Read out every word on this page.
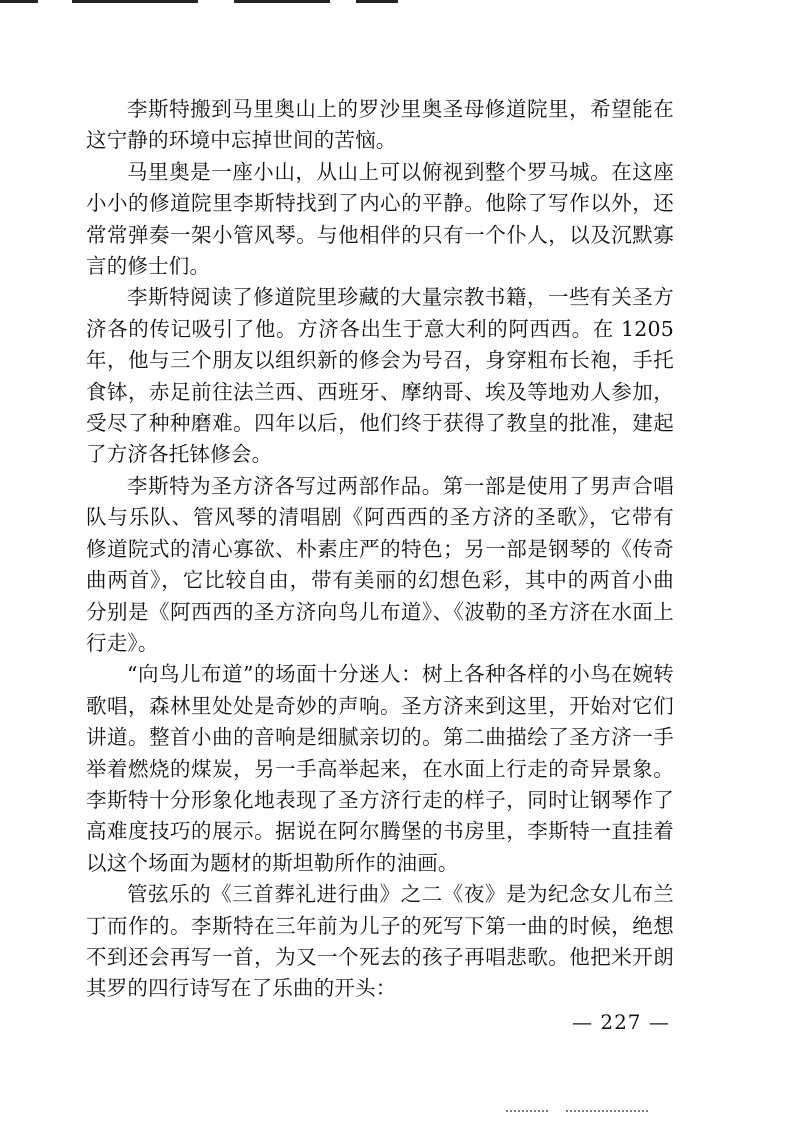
李斯特搬到马里奥山上的罗沙里奥圣母修道院里，希望能在这宁静的环境中忘掉世间的苦恼。

马里奥是一座小山，从山上可以俯视到整个罗马城。在这座小小的修道院里李斯特找到了内心的平静。他除了写作以外，还常常弹奏一架小管风琴。与他相伴的只有一个仆人，以及沉默寡言的修士们。

李斯特阅读了修道院里珍藏的大量宗教书籍，一些有关圣方济各的传记吸引了他。方济各出生于意大利的阿西西。在 1205 年，他与三个朋友以组织新的修会为号召，身穿粗布长袍，手托食钵，赤足前往法兰西、西班牙、摩纳哥、埃及等地劝人参加，受尽了种种磨难。四年以后，他们终于获得了教皇的批准，建起了方济各托钵修会。

李斯特为圣方济各写过两部作品。第一部是使用了男声合唱队与乐队、管风琴的清唱剧《阿西西的圣方济的圣歌》，它带有修道院式的清心寡欲、朴素庄严的特色；另一部是钢琴的《传奇曲两首》，它比较自由，带有美丽的幻想色彩，其中的两首小曲分别是《阿西西的圣方济向鸟儿布道》、《波勒的圣方济在水面上行走》。

“向鸟儿布道”的场面十分迷人：树上各种各样的小鸟在婉转歌唱，森林里处处是奇妙的声响。圣方济来到这里，开始对它们讲道。整首小曲的音响是细腻亲切的。第二曲描绘了圣方济一手举着燃烧的煤炭，另一手高举起来，在水面上行走的奇异景象。李斯特十分形象化地表现了圣方济行走的样子，同时让钢琴作了高难度技巧的展示。据说在阿尔腾堡的书房里，李斯特一直挂着以这个场面为题材的斯坦勒所作的油画。

管弦乐的《三首葬礼进行曲》之二《夜》是为纪念女儿布兰丁而作的。李斯特在三年前为儿子的死写下第一曲的时候，绝想不到还会再写一首，为又一个死去的孩子再唱悲歌。他把米开朗其罗的四行诗写在了乐曲的开头：

— 227 —
